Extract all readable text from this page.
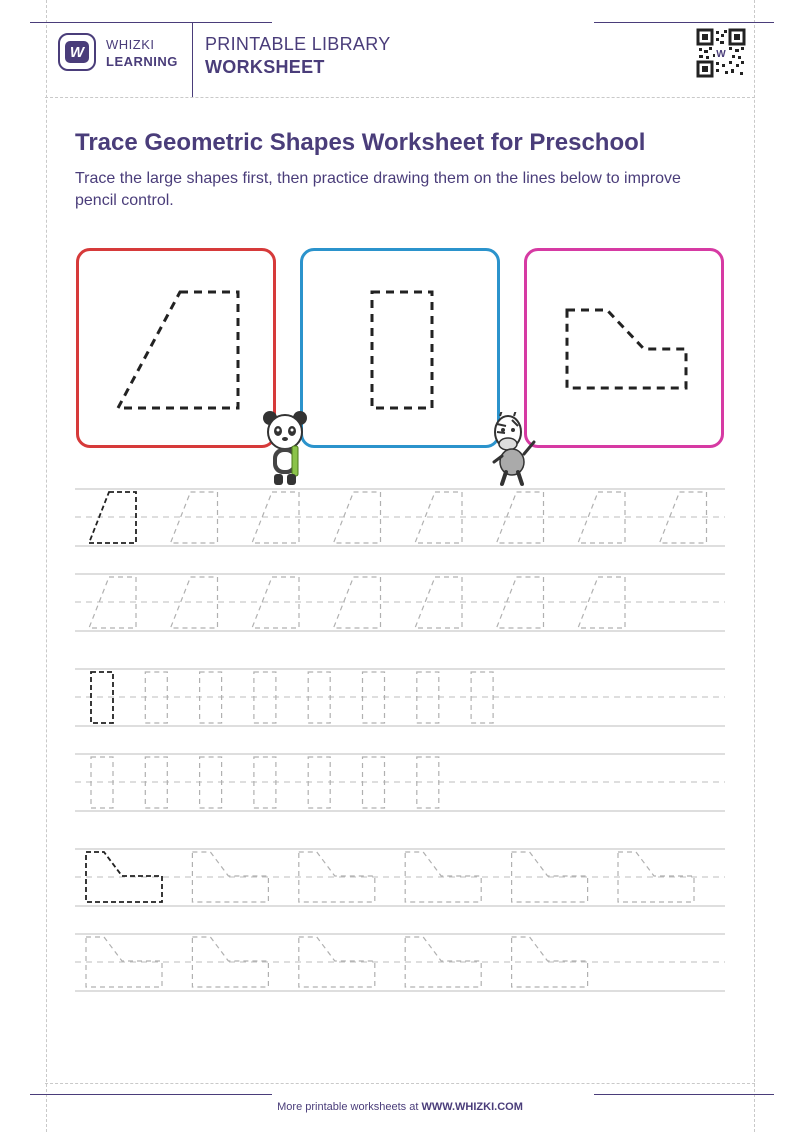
W	WHIZKI
LEARNING
PRINTABLE LIBRARY
WORKSHEET
W
Trace Geometric Shapes Worksheet for Preschool
Trace the large shapes first, then practice drawing them on the lines below to improve pencil control.
More printable worksheets at WWW.WHIZKI.COM
